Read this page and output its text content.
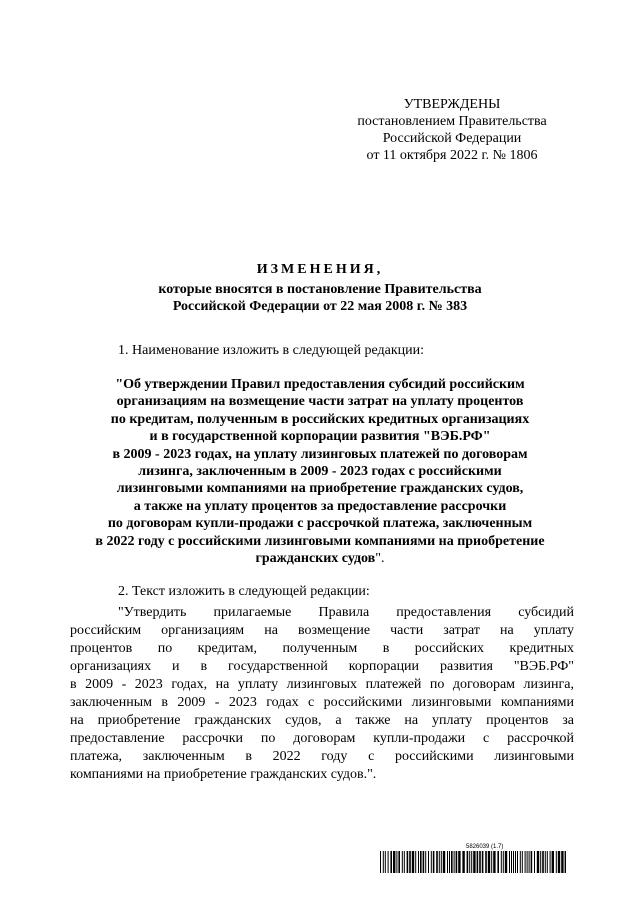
УТВЕРЖДЕНЫ
постановлением Правительства
Российской Федерации
от 11 октября 2022 г. № 1806
ИЗМЕНЕНИЯ,
которые вносятся в постановление Правительства
Российской Федерации от 22 мая 2008 г. № 383
1. Наименование изложить в следующей редакции:
"Об утверждении Правил предоставления субсидий российским
организациям на возмещение части затрат на уплату процентов
по кредитам, полученным в российских кредитных организациях
и в государственной корпорации развития "ВЭБ.РФ"
в 2009 - 2023 годах, на уплату лизинговых платежей по договорам
лизинга, заключенным в 2009 - 2023 годах с российскими
лизинговыми компаниями на приобретение гражданских судов,
а также на уплату процентов за предоставление рассрочки
по договорам купли-продажи с рассрочкой платежа, заключенным
в 2022 году с российскими лизинговыми компаниями на приобретение
гражданских судов".
2. Текст изложить в следующей редакции:
"Утвердить прилагаемые Правила предоставления субсидий
российским организациям на возмещение части затрат на уплату
процентов по кредитам, полученным в российских кредитных
организациях и в государственной корпорации развития "ВЭБ.РФ"
в 2009 - 2023 годах, на уплату лизинговых платежей по договорам лизинга,
заключенным в 2009 - 2023 годах с российскими лизинговыми компаниями
на приобретение гражданских судов, а также на уплату процентов за
предоставление рассрочки по договорам купли-продажи с рассрочкой
платежа, заключенным в 2022 году с российскими лизинговыми
компаниями на приобретение гражданских судов.".
5826039 (1.7)
